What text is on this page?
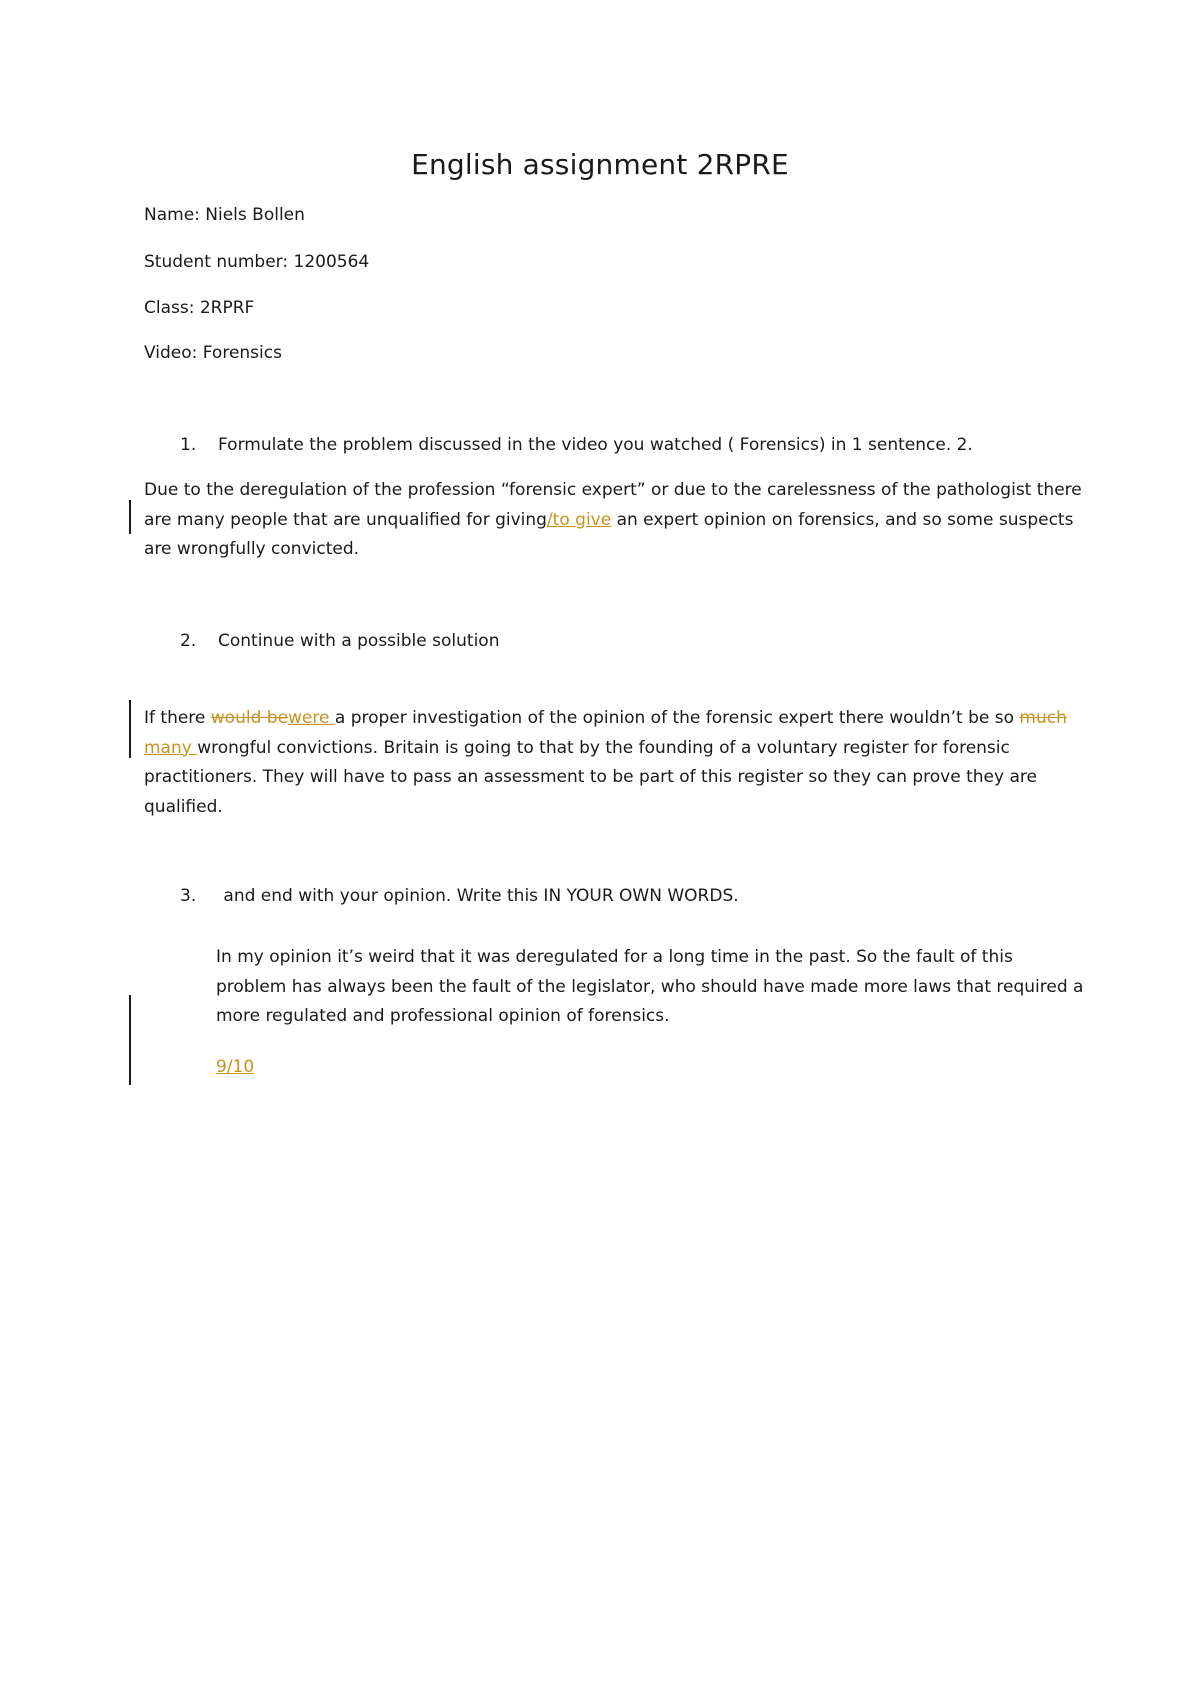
English assignment 2RPRE
Name: Niels Bollen
Student number: 1200564
Class: 2RPRF
Video: Forensics
1. Formulate the problem discussed in the video you watched ( Forensics) in 1 sentence. 2.
Due to the deregulation of the profession “forensic expert” or due to the carelessness of the pathologist there are many people that are unqualified for giving/to give an expert opinion on forensics, and so some suspects are wrongfully convicted.
2. Continue with a possible solution
If there would bewere a proper investigation of the opinion of the forensic expert there wouldn’t be so much many wrongful convictions. Britain is going to that by the founding of a voluntary register for forensic practitioners. They will have to pass an assessment to be part of this register so they can prove they are qualified.
3. and end with your opinion. Write this IN YOUR OWN WORDS.
In my opinion it’s weird that it was deregulated for a long time in the past. So the fault of this problem has always been the fault of the legislator, who should have made more laws that required a more regulated and professional opinion of forensics.
9/10
